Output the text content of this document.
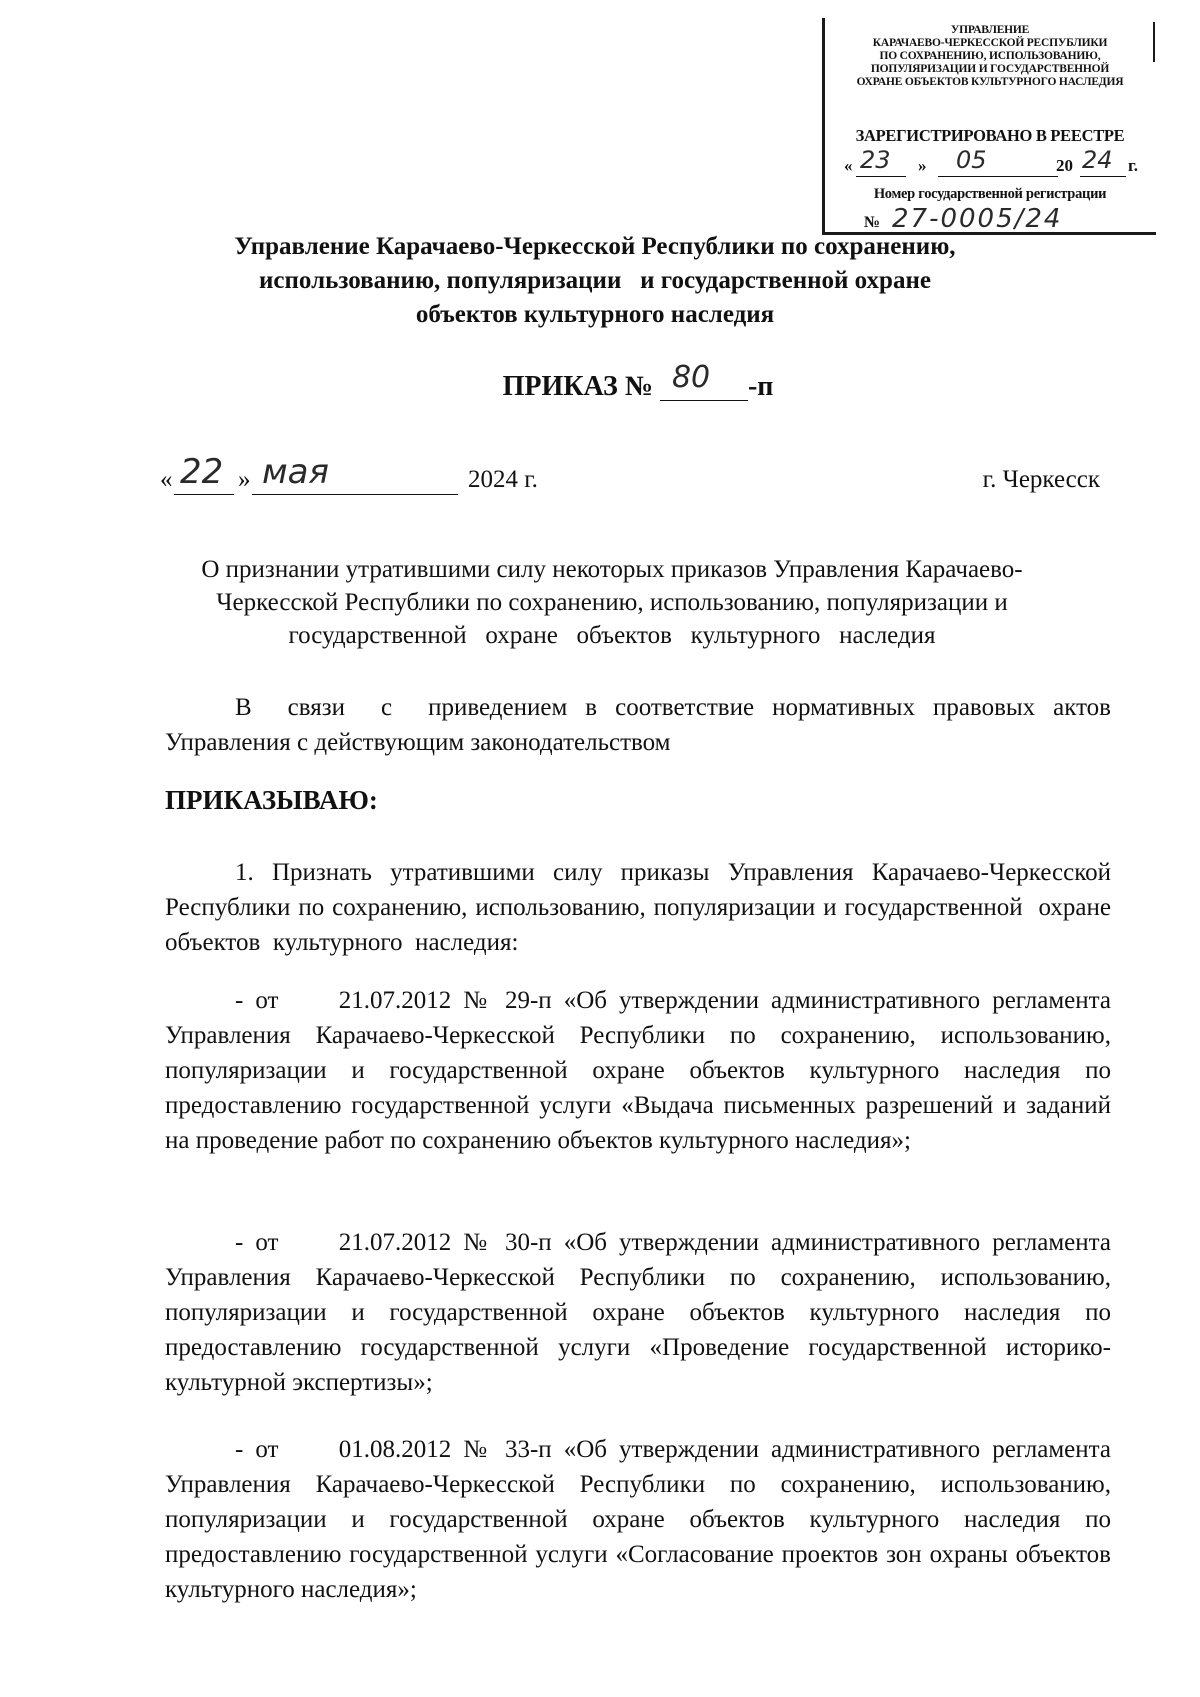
УПРАВЛЕНИЕ
КАРАЧАЕВО-ЧЕРКЕССКОЙ РЕСПУБЛИКИ
ПО СОХРАНЕНИЮ, ИСПОЛЬЗОВАНИЮ,
ПОПУЛЯРИЗАЦИИ И ГОСУДАРСТВЕННОЙ
ОХРАНЕ ОБЪЕКТОВ КУЛЬТУРНОГО НАСЛЕДИЯ
ЗАРЕГИСТРИРОВАНО В РЕЕСТРЕ
« 23 » 05	20 24 г.
Номер государственной регистрации
№ 27-0005/24
Управление Карачаево-Черкесской Республики по сохранению,
использованию, популяризации   и государственной охране
объектов культурного наследия
ПРИКАЗ № 80 -п
« 22 » мая	2024 г.	г. Черкесск
О признании утратившими силу некоторых приказов Управления Карачаево-
Черкесской Республики по сохранению, использованию, популяризации и
государственной   охране   объектов   культурного   наследия
В  связи  с  приведением в соответствие нормативных правовых актов Управления с действующим законодательством
ПРИКАЗЫВАЮ:
1. Признать утратившими силу приказы Управления Карачаево-Черкесской Республики по сохранению, использованию, популяризации и государственной  охране  объектов  культурного  наследия:
- от     21.07.2012 № 29-п «Об утверждении административного регламента  Управления Карачаево-Черкесской Республики по сохранению, использованию, популяризации и государственной охране объектов культурного наследия по предоставлению государственной услуги «Выдача письменных разрешений и заданий на проведение работ по сохранению объектов культурного наследия»;
- от     21.07.2012 № 30-п «Об утверждении административного регламента  Управления Карачаево-Черкесской Республики по сохранению, использованию, популяризации и государственной охране объектов культурного наследия по предоставлению государственной услуги «Проведение государственной историко-культурной экспертизы»;
- от     01.08.2012 № 33-п «Об утверждении административного регламента  Управления Карачаево-Черкесской Республики по сохранению, использованию, популяризации и государственной охране объектов культурного наследия по предоставлению государственной услуги «Согласование проектов зон охраны объектов культурного наследия»;
